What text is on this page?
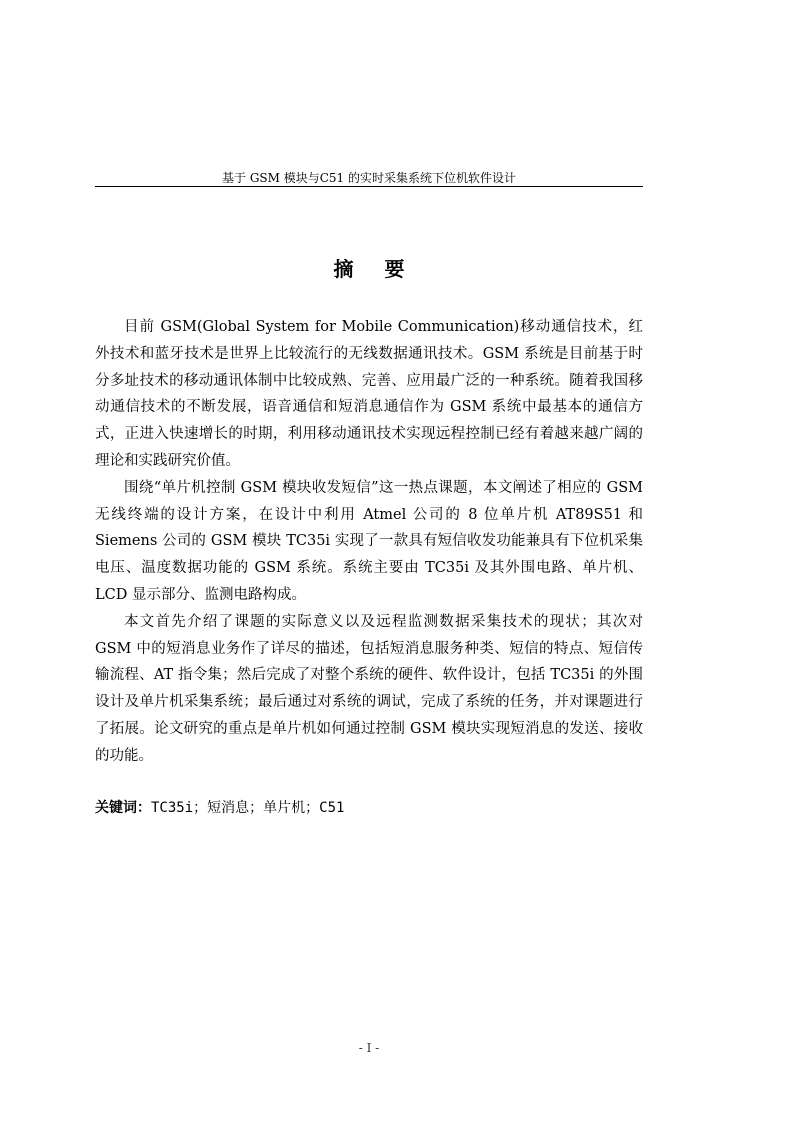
基于 GSM 模块与C51 的实时采集系统下位机软件设计
摘 要

目前 GSM(Global System for Mobile Communication)移动通信技术，红外技术和蓝牙技术是世界上比较流行的无线数据通讯技术。GSM 系统是目前基于时分多址技术的移动通讯体制中比较成熟、完善、应用最广泛的一种系统。随着我国移动通信技术的不断发展，语音通信和短消息通信作为 GSM 系统中最基本的通信方式，正进入快速增长的时期，利用移动通讯技术实现远程控制已经有着越来越广阔的理论和实践研究价值。

围绕“单片机控制 GSM 模块收发短信”这一热点课题，本文阐述了相应的 GSM 无线终端的设计方案，在设计中利用 Atmel 公司的 8 位单片机 AT89S51 和 Siemens 公司的 GSM 模块 TC35i 实现了一款具有短信收发功能兼具有下位机采集电压、温度数据功能的 GSM 系统。系统主要由 TC35i 及其外围电路、单片机、LCD 显示部分、监测电路构成。

本文首先介绍了课题的实际意义以及远程监测数据采集技术的现状；其次对 GSM 中的短消息业务作了详尽的描述，包括短消息服务种类、短信的特点、短信传输流程、AT 指令集；然后完成了对整个系统的硬件、软件设计，包括 TC35i 的外围设计及单片机采集系统；最后通过对系统的调试，完成了系统的任务，并对课题进行了拓展。论文研究的重点是单片机如何通过控制 GSM 模块实现短消息的发送、接收的功能。

关键词：TC35i；短消息；单片机；C51
- I -
